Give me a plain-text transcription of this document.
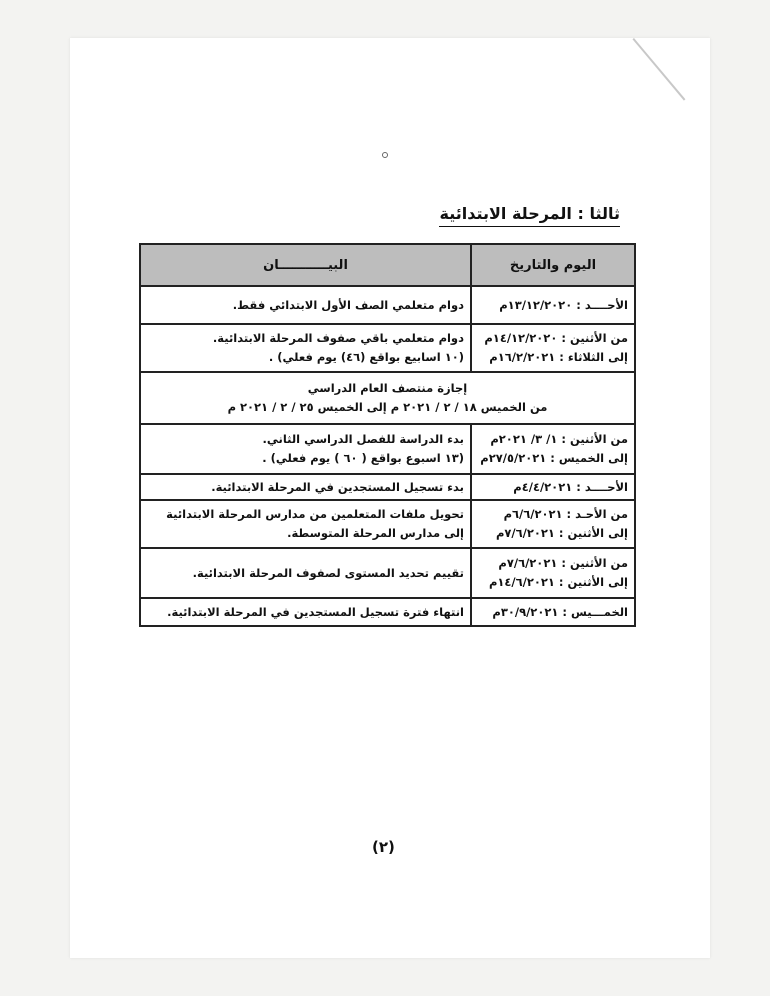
ثالثا : المرحلة الابتدائية
اليوم والتاريخ	البيـــــــــــان

الأحــــد : ١٣/١٢/٢٠٢٠م	دوام متعلمي الصف الأول الابتدائي فقط.

من الأثنين : ١٤/١٢/٢٠٢٠م
إلى الثلاثاء : ١٦/٢/٢٠٢١م	دوام متعلمي باقي صفوف المرحلة الابتدائية.
(١٠ اسابيع بواقع (٤٦) يوم فعلي) .

إجازة منتصف العام الدراسي
من الخميس ١٨ / ٢ / ٢٠٢١ م إلى الخميس ٢٥ / ٢ / ٢٠٢١ م	

من الأثنين : ١/ ٣/ ٢٠٢١م
إلى الخميس : ٢٧/٥/٢٠٢١م	بدء الدراسة للفصل الدراسي الثاني.
(١٣ اسبوع بواقع ( ٦٠ ) يوم فعلي) .

الأحــــد : ٤/٤/٢٠٢١م	بدء تسجيل المستجدين في المرحلة الابتدائية.

من الأحـد : ٦/٦/٢٠٢١م
إلى الأثنين : ٧/٦/٢٠٢١م	تحويل ملفات المتعلمين من مدارس المرحلة الابتدائية
إلى مدارس المرحلة المتوسطة.

من الأثنين : ٧/٦/٢٠٢١م
إلى الأثنين : ١٤/٦/٢٠٢١م	تقييم تحديد المستوى لصفوف المرحلة الابتدائية.

الخمـــيس : ٣٠/٩/٢٠٢١م	انتهاء فترة تسجيل المستجدين في المرحلة الابتدائية.
(٢)
